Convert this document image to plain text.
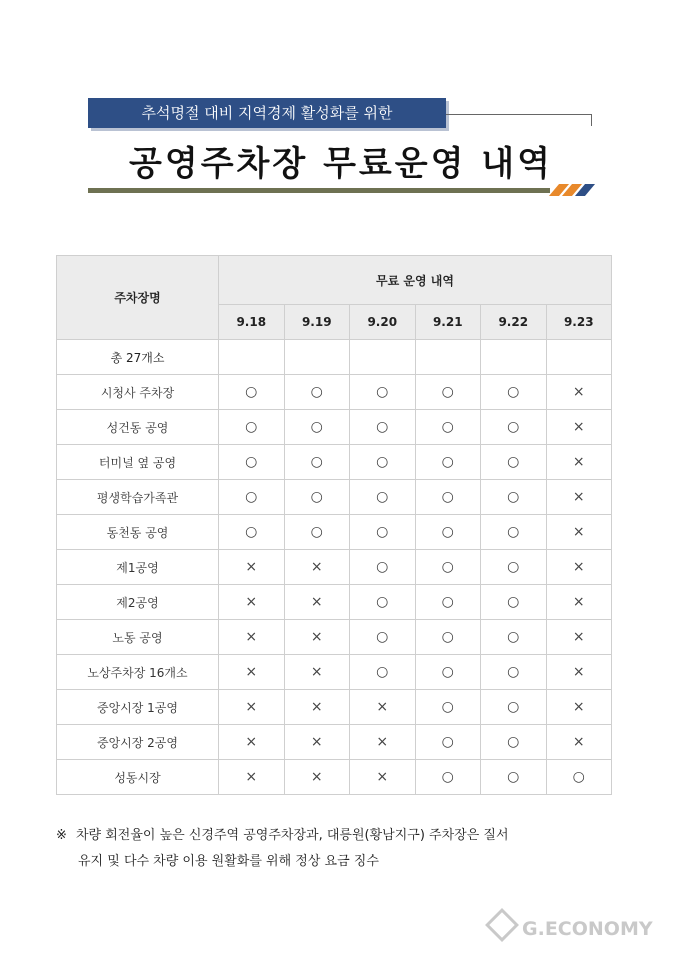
추석명절 대비 지역경제 활성화를 위한
공영주차장 무료운영 내역
주차장명	무료 운영 내역					
	9.18	9.19	9.20	9.21	9.22	9.23
총 27개소						
시청사 주차장	○	○	○	○	○	×
성건동 공영	○	○	○	○	○	×
터미널 옆 공영	○	○	○	○	○	×
평생학습가족관	○	○	○	○	○	×
동천동 공영	○	○	○	○	○	×
제1공영	×	×	○	○	○	×
제2공영	×	×	○	○	○	×
노동 공영	×	×	○	○	○	×
노상주차장 16개소	×	×	○	○	○	×
중앙시장 1공영	×	×	×	○	○	×
중앙시장 2공영	×	×	×	○	○	×
성동시장	×	×	×	○	○	○
※ 차량 회전율이 높은 신경주역 공영주차장과, 대릉원(황남지구) 주차장은 질서
유지 및 다수 차량 이용 원활화를 위해 정상 요금 징수
G.ECONOMY
